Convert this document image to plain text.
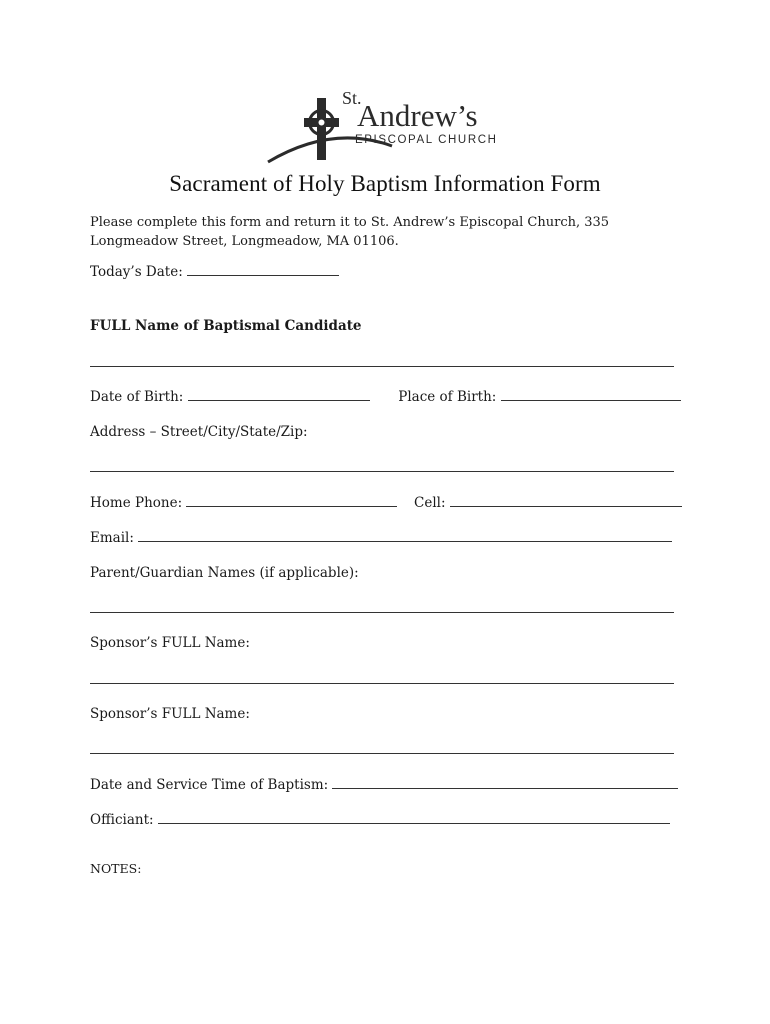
St.
Andrew’s
EPISCOPAL CHURCH
Sacrament of Holy Baptism Information Form
Please complete this form and return it to St. Andrew’s Episcopal Church, 335 Longmeadow Street, Longmeadow, MA 01106.
Today’s Date:
FULL Name of Baptismal Candidate
Date of Birth:	Place of Birth:
Address – Street/City/State/Zip:
Home Phone:	Cell:
Email:
Parent/Guardian Names (if applicable):
Sponsor’s FULL Name:
Sponsor’s FULL Name:
Date and Service Time of Baptism:
Officiant:
NOTES:
